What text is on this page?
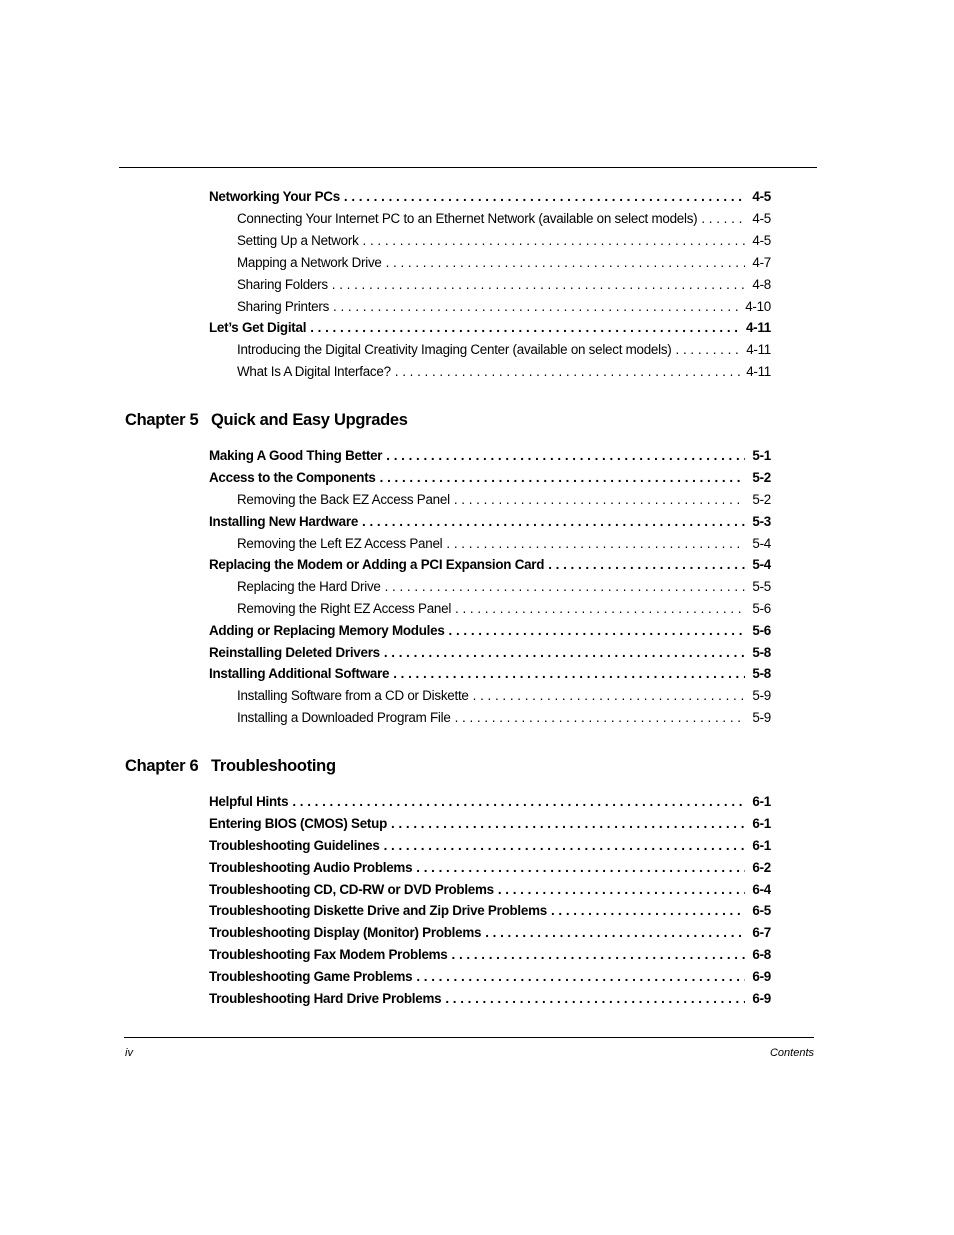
Networking Your PCs . . .	4-5
Connecting Your Internet PC to an Ethernet Network (available on select models) . . .	4-5
Setting Up a Network . . .	4-5
Mapping a Network Drive . . .	4-7
Sharing Folders . . .	4-8
Sharing Printers . . .	4-10
Let’s Get Digital . . .	4-11
Introducing the Digital Creativity Imaging Center (available on select models) . . .	4-11
What Is A Digital Interface? . . .	4-11
Chapter 5 Quick and Easy Upgrades
Making A Good Thing Better . . .	5-1
Access to the Components . . .	5-2
Removing the Back EZ Access Panel . . .	5-2
Installing New Hardware . . .	5-3
Removing the Left EZ Access Panel . . .	5-4
Replacing the Modem or Adding a PCI Expansion Card . . .	5-4
Replacing the Hard Drive . . .	5-5
Removing the Right EZ Access Panel . . .	5-6
Adding or Replacing Memory Modules . . .	5-6
Reinstalling Deleted Drivers . . .	5-8
Installing Additional Software . . .	5-8
Installing Software from a CD or Diskette . . .	5-9
Installing a Downloaded Program File . . .	5-9
Chapter 6 Troubleshooting
Helpful Hints . . .	6-1
Entering BIOS (CMOS) Setup . . .	6-1
Troubleshooting Guidelines . . .	6-1
Troubleshooting Audio Problems . . .	6-2
Troubleshooting CD, CD-RW or DVD Problems . . .	6-4
Troubleshooting Diskette Drive and Zip Drive Problems . . .	6-5
Troubleshooting Display (Monitor) Problems . . .	6-7
Troubleshooting Fax Modem Problems . . .	6-8
Troubleshooting Game Problems . . .	6-9
Troubleshooting Hard Drive Problems . . .	6-9
iv	Contents
